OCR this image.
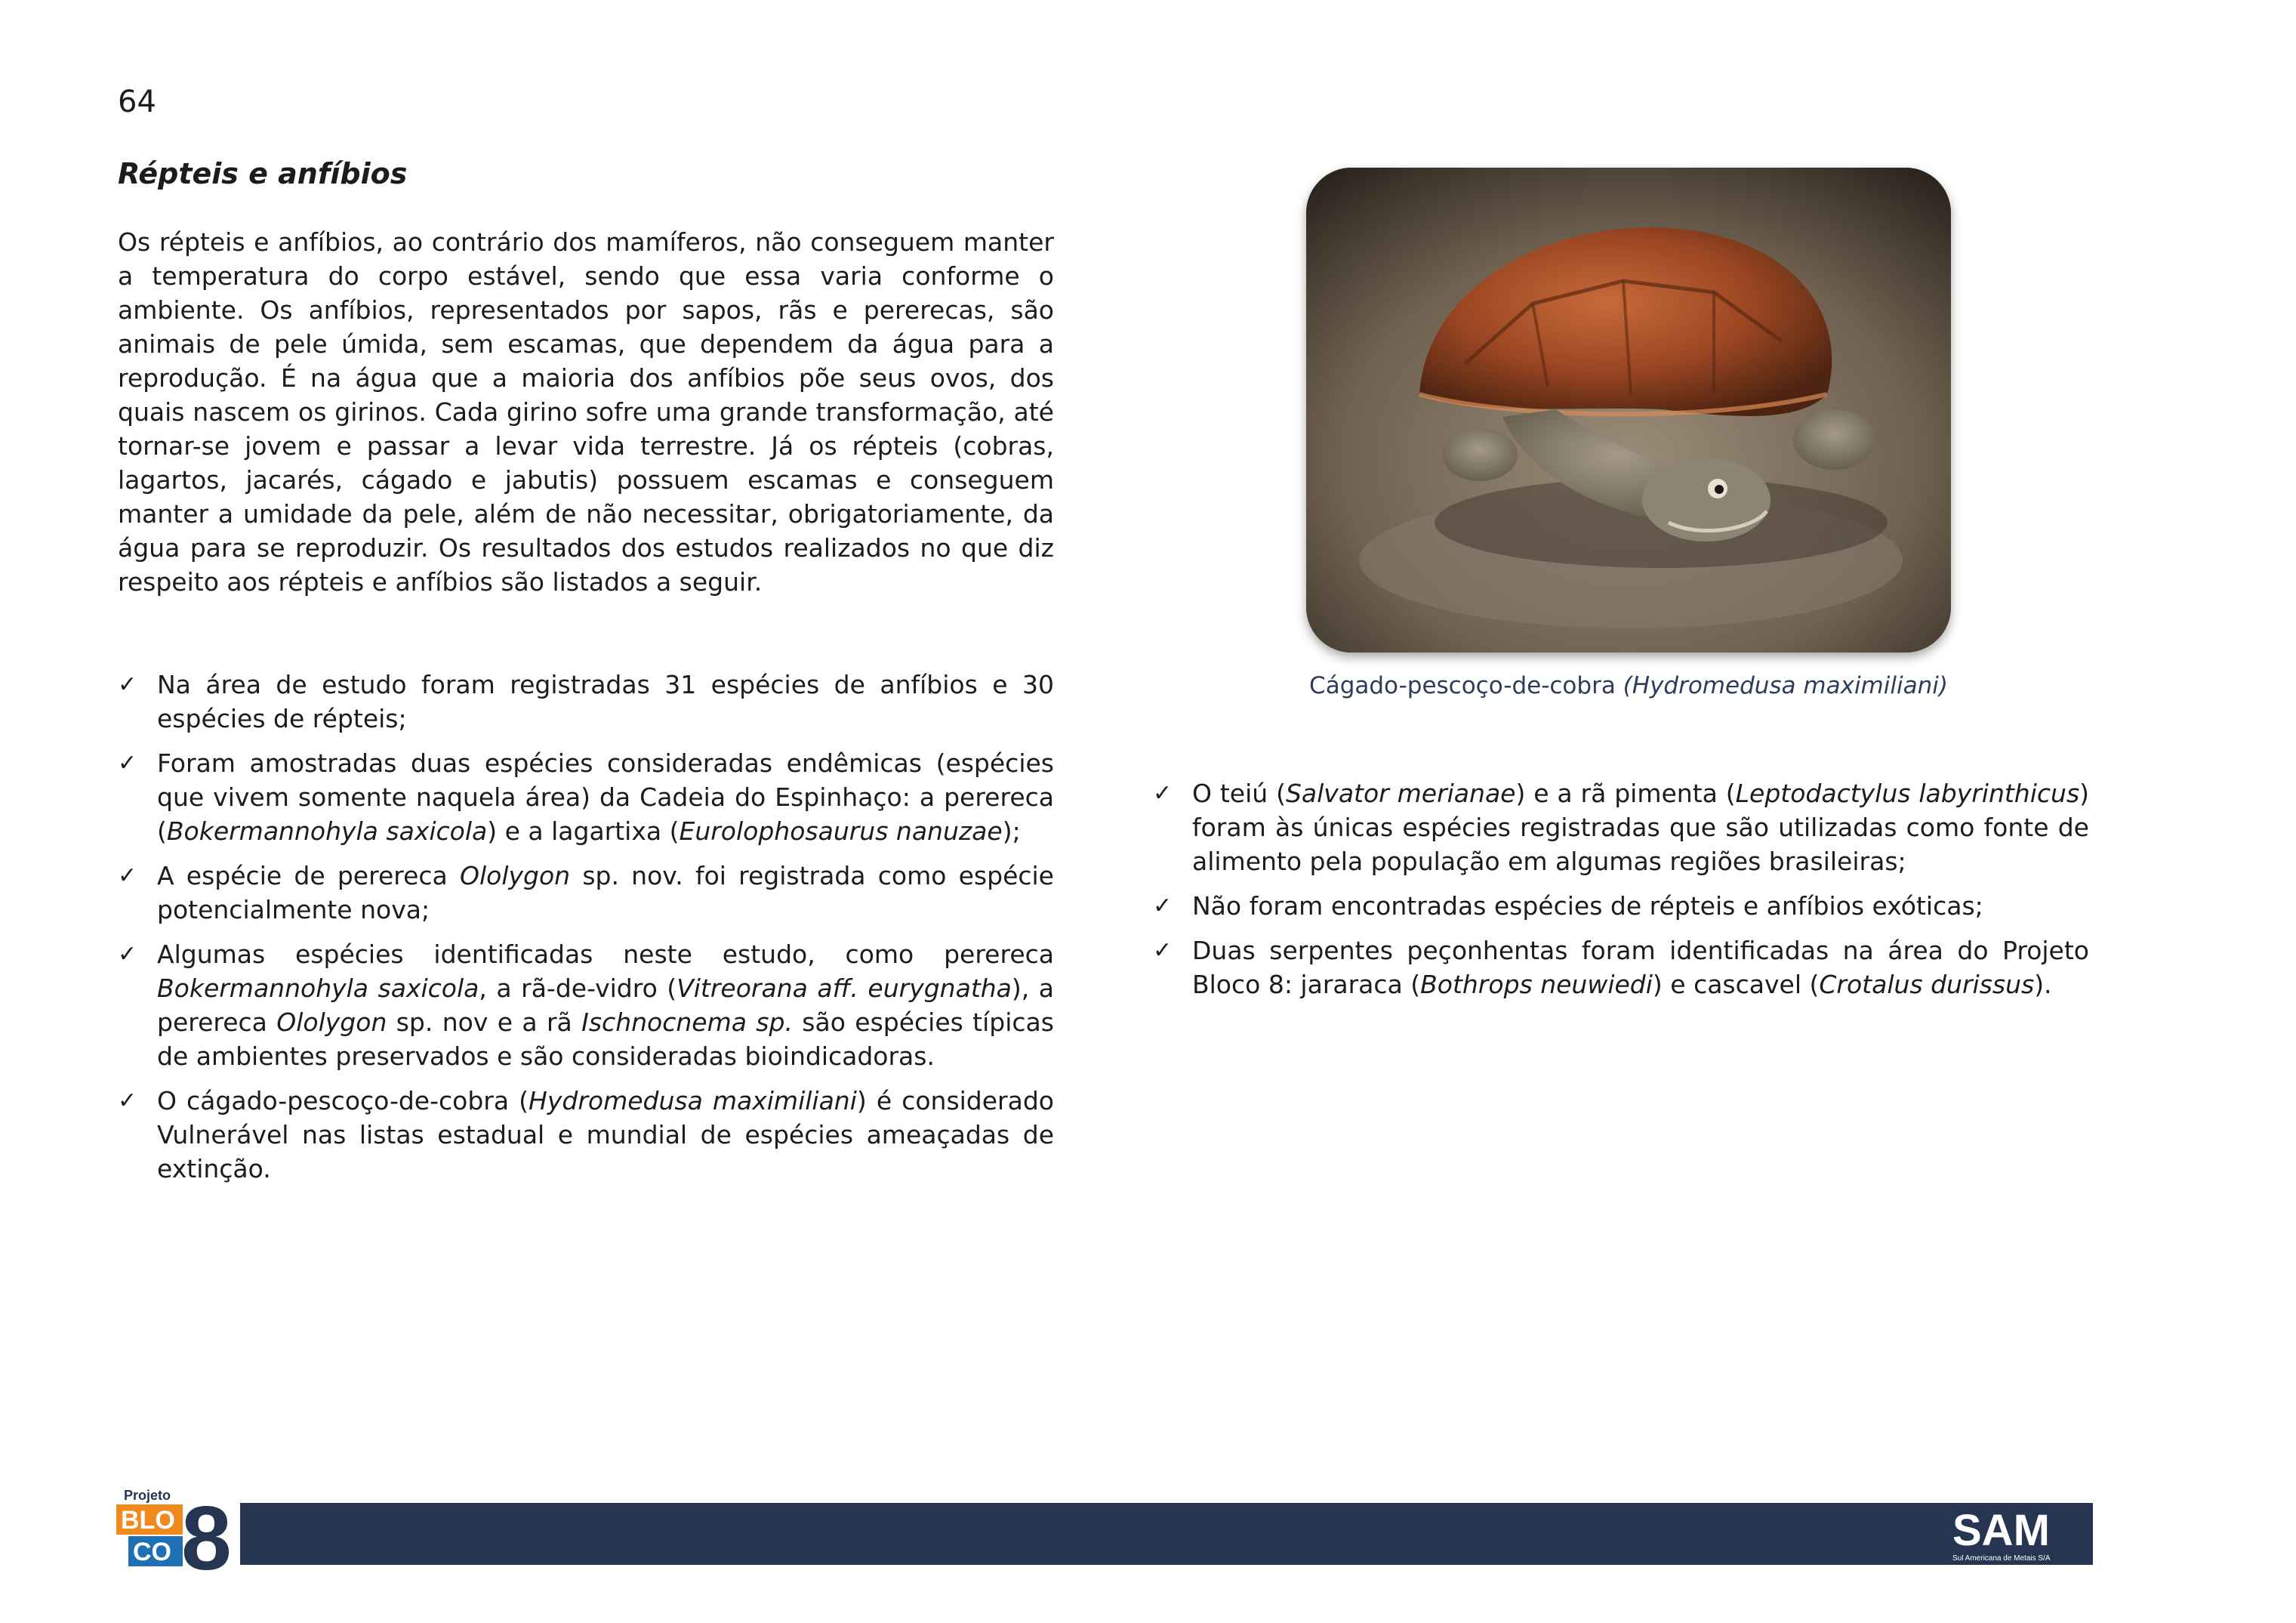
64
Répteis e anfíbios

Os répteis e anfíbios, ao contrário dos mamíferos, não conseguem manter a temperatura do corpo estável, sendo que essa varia conforme o ambiente. Os anfíbios, representados por sapos, rãs e pererecas, são animais de pele úmida, sem escamas, que dependem da água para a reprodução. É na água que a maioria dos anfíbios põe seus ovos, dos quais nascem os girinos. Cada girino sofre uma grande transformação, até tornar-se jovem e passar a levar vida terrestre. Já os répteis (cobras, lagartos, jacarés, cágado e jabutis) possuem escamas e conseguem manter a umidade da pele, além de não necessitar, obrigatoriamente, da água para se reproduzir. Os resultados dos estudos realizados no que diz respeito aos répteis e anfíbios são listados a seguir.

✓ Na área de estudo foram registradas 31 espécies de anfíbios e 30 espécies de répteis;
✓ Foram amostradas duas espécies consideradas endêmicas (espécies que vivem somente naquela área) da Cadeia do Espinhaço: a perereca (Bokermannohyla saxicola) e a lagartixa (Eurolophosaurus nanuzae);
✓ A espécie de perereca Ololygon sp. nov. foi registrada como espécie potencialmente nova;
✓ Algumas espécies identificadas neste estudo, como perereca Bokermannohyla saxicola, a rã-de-vidro (Vitreorana aff. eurygnatha), a perereca Ololygon sp. nov e a rã Ischnocnema sp. são espécies típicas de ambientes preservados e são consideradas bioindicadoras.
✓ O cágado-pescoço-de-cobra (Hydromedusa maximiliani) é considerado Vulnerável nas listas estadual e mundial de espécies ameaçadas de extinção.
Cágado-pescoço-de-cobra (Hydromedusa maximiliani)
✓ O teiú (Salvator merianae) e a rã pimenta (Leptodactylus labyrinthicus) foram às únicas espécies registradas que são utilizadas como fonte de alimento pela população em algumas regiões brasileiras;
✓ Não foram encontradas espécies de répteis e anfíbios exóticas;
✓ Duas serpentes peçonhentas foram identificadas na área do Projeto Bloco 8: jararaca (Bothrops neuwiedi) e cascavel (Crotalus durissus).
Projeto
BLO
CO 8	SAM
Sul Americana de Metais S/A
